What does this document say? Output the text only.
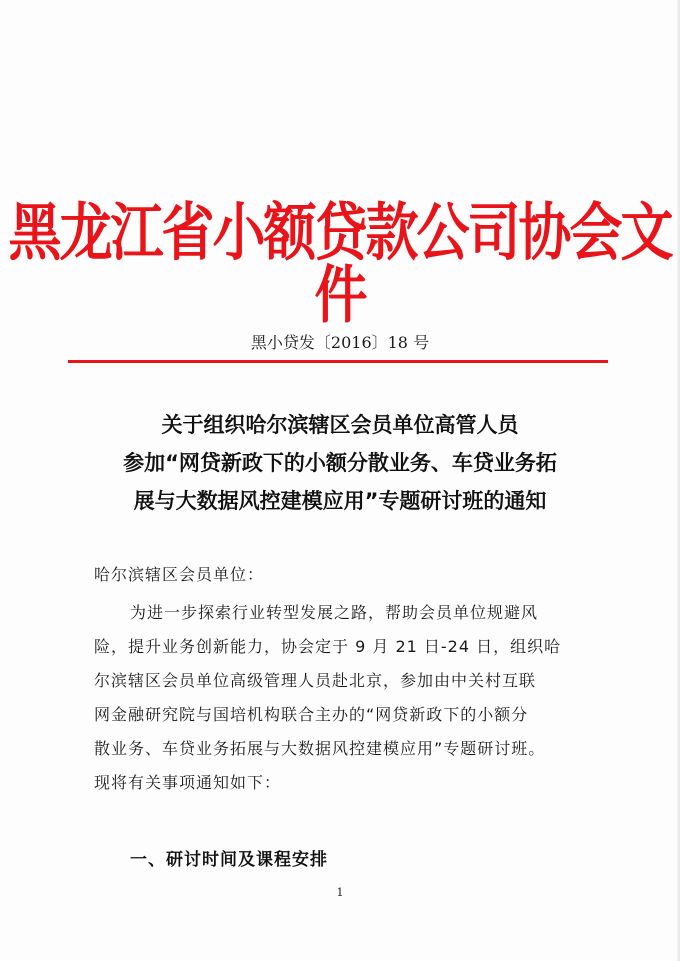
黑龙江省小额贷款公司协会文件
黑小贷发〔2016〕18 号
关于组织哈尔滨辖区会员单位高管人员
参加“网贷新政下的小额分散业务、车贷业务拓
展与大数据风控建模应用”专题研讨班的通知
哈尔滨辖区会员单位：
为进一步探索行业转型发展之路，帮助会员单位规避风
险，提升业务创新能力，协会定于 9 月 21 日-24 日，组织哈
尔滨辖区会员单位高级管理人员赴北京，参加由中关村互联
网金融研究院与国培机构联合主办的“网贷新政下的小额分
散业务、车贷业务拓展与大数据风控建模应用”专题研讨班。
现将有关事项通知如下：
一、研讨时间及课程安排
1
